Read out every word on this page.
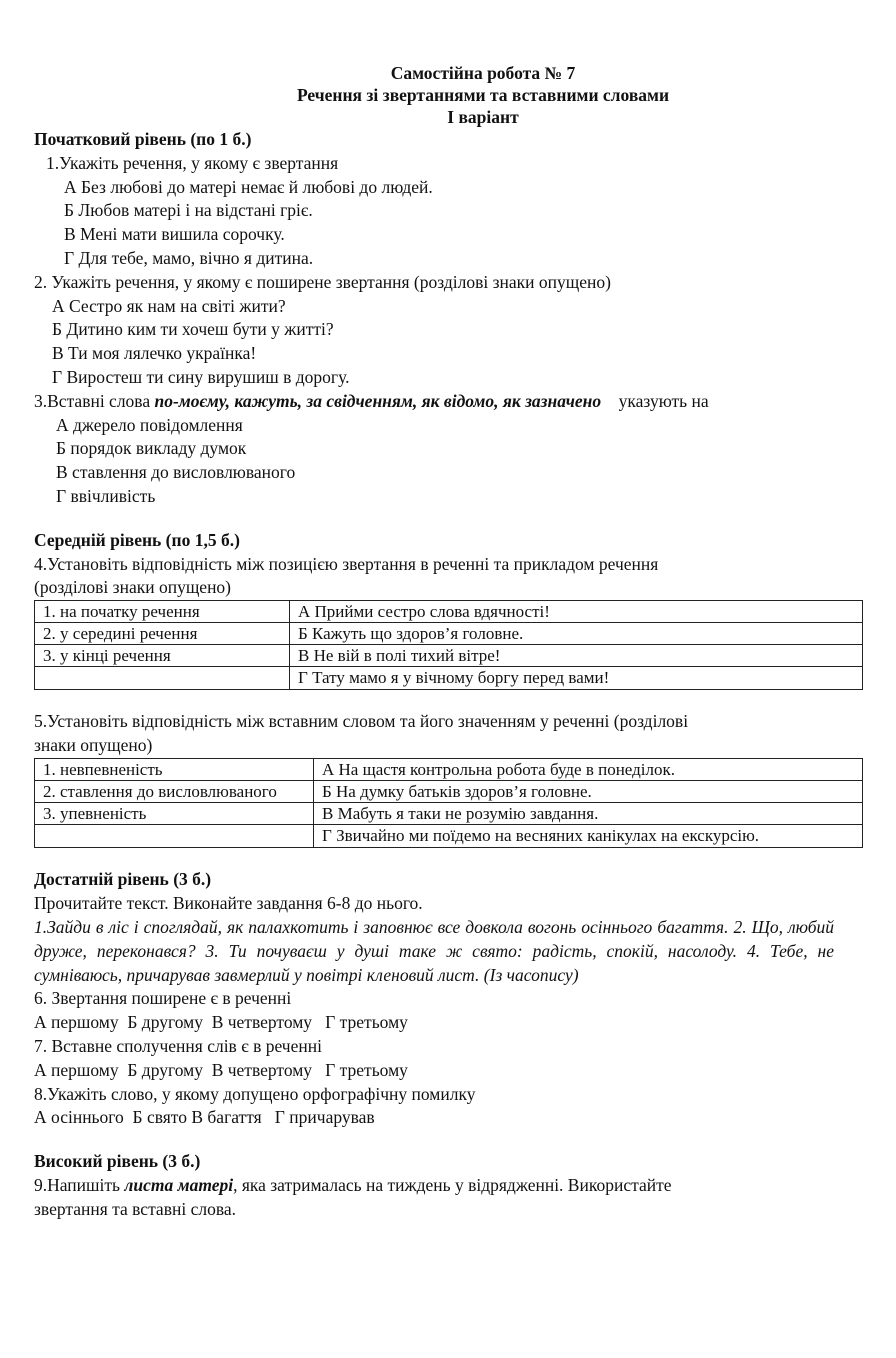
Самостійна робота № 7
Речення зі звертаннями та вставними словами
І варіант
Початковий рівень (по 1 б.)
1.Укажіть речення, у якому є звертання
А Без любові до матері немає й любові до людей.
Б Любов матері і на відстані гріє.
В Мені мати вишила сорочку.
Г Для тебе, мамо, вічно я дитина.
2. Укажіть речення, у якому є поширене звертання (розділові знаки опущено)
А Сестро як нам на світі жити?
Б Дитино ким ти хочеш бути у житті?
В Ти моя лялечко українка!
Г Виростеш ти сину вирушиш в дорогу.
3.Вставні слова по-моєму, кажуть, за свідченням, як відомо, як зазначено    указують на
А джерело повідомлення
Б порядок викладу думок
В ставлення до висловлюваного
Г ввічливість
Середній рівень (по 1,5 б.)
4.Установіть відповідність між позицією звертання в реченні та прикладом речення
(розділові знаки опущено)
1. на початку речення	А Прийми сестро слова вдячності!
2. у середині речення	Б Кажуть що здоров’я головне.
3. у кінці речення	В Не вій в полі тихий вітре!
	Г Тату мамо я у вічному боргу перед вами!
5.Установіть відповідність між вставним словом та його значенням у реченні (розділові
знаки опущено)
1. невпевненість	А На щастя контрольна робота буде в понеділок.
2. ставлення до висловлюваного	Б На думку батьків здоров’я головне.
3. упевненість	В Мабуть я таки не розумію завдання.
	Г Звичайно ми поїдемо на весняних канікулах на екскурсію.
Достатній рівень (3 б.)
Прочитайте текст. Виконайте завдання 6-8 до нього.
1.Зайди в ліс і споглядай, як палахкотить і заповнює все довкола вогонь осіннього багаття. 2. Що, любий друже, переконався? 3. Ти почуваєш у душі таке ж свято: радість, спокій, насолоду. 4. Тебе, не сумніваюсь, причарував завмерлий у повітрі кленовий лист. (Із часопису)
6. Звертання поширене є в реченні
А першому  Б другому  В четвертому   Г третьому
7. Вставне сполучення слів є в реченні
А першому  Б другому  В четвертому   Г третьому
8.Укажіть слово, у якому допущено орфографічну помилку
А осіннього  Б свято В багаття   Г причарував
Високий рівень (3 б.)
9.Напишіть листа матері, яка затрималась на тиждень у відрядженні. Використайте
звертання та вставні слова.
